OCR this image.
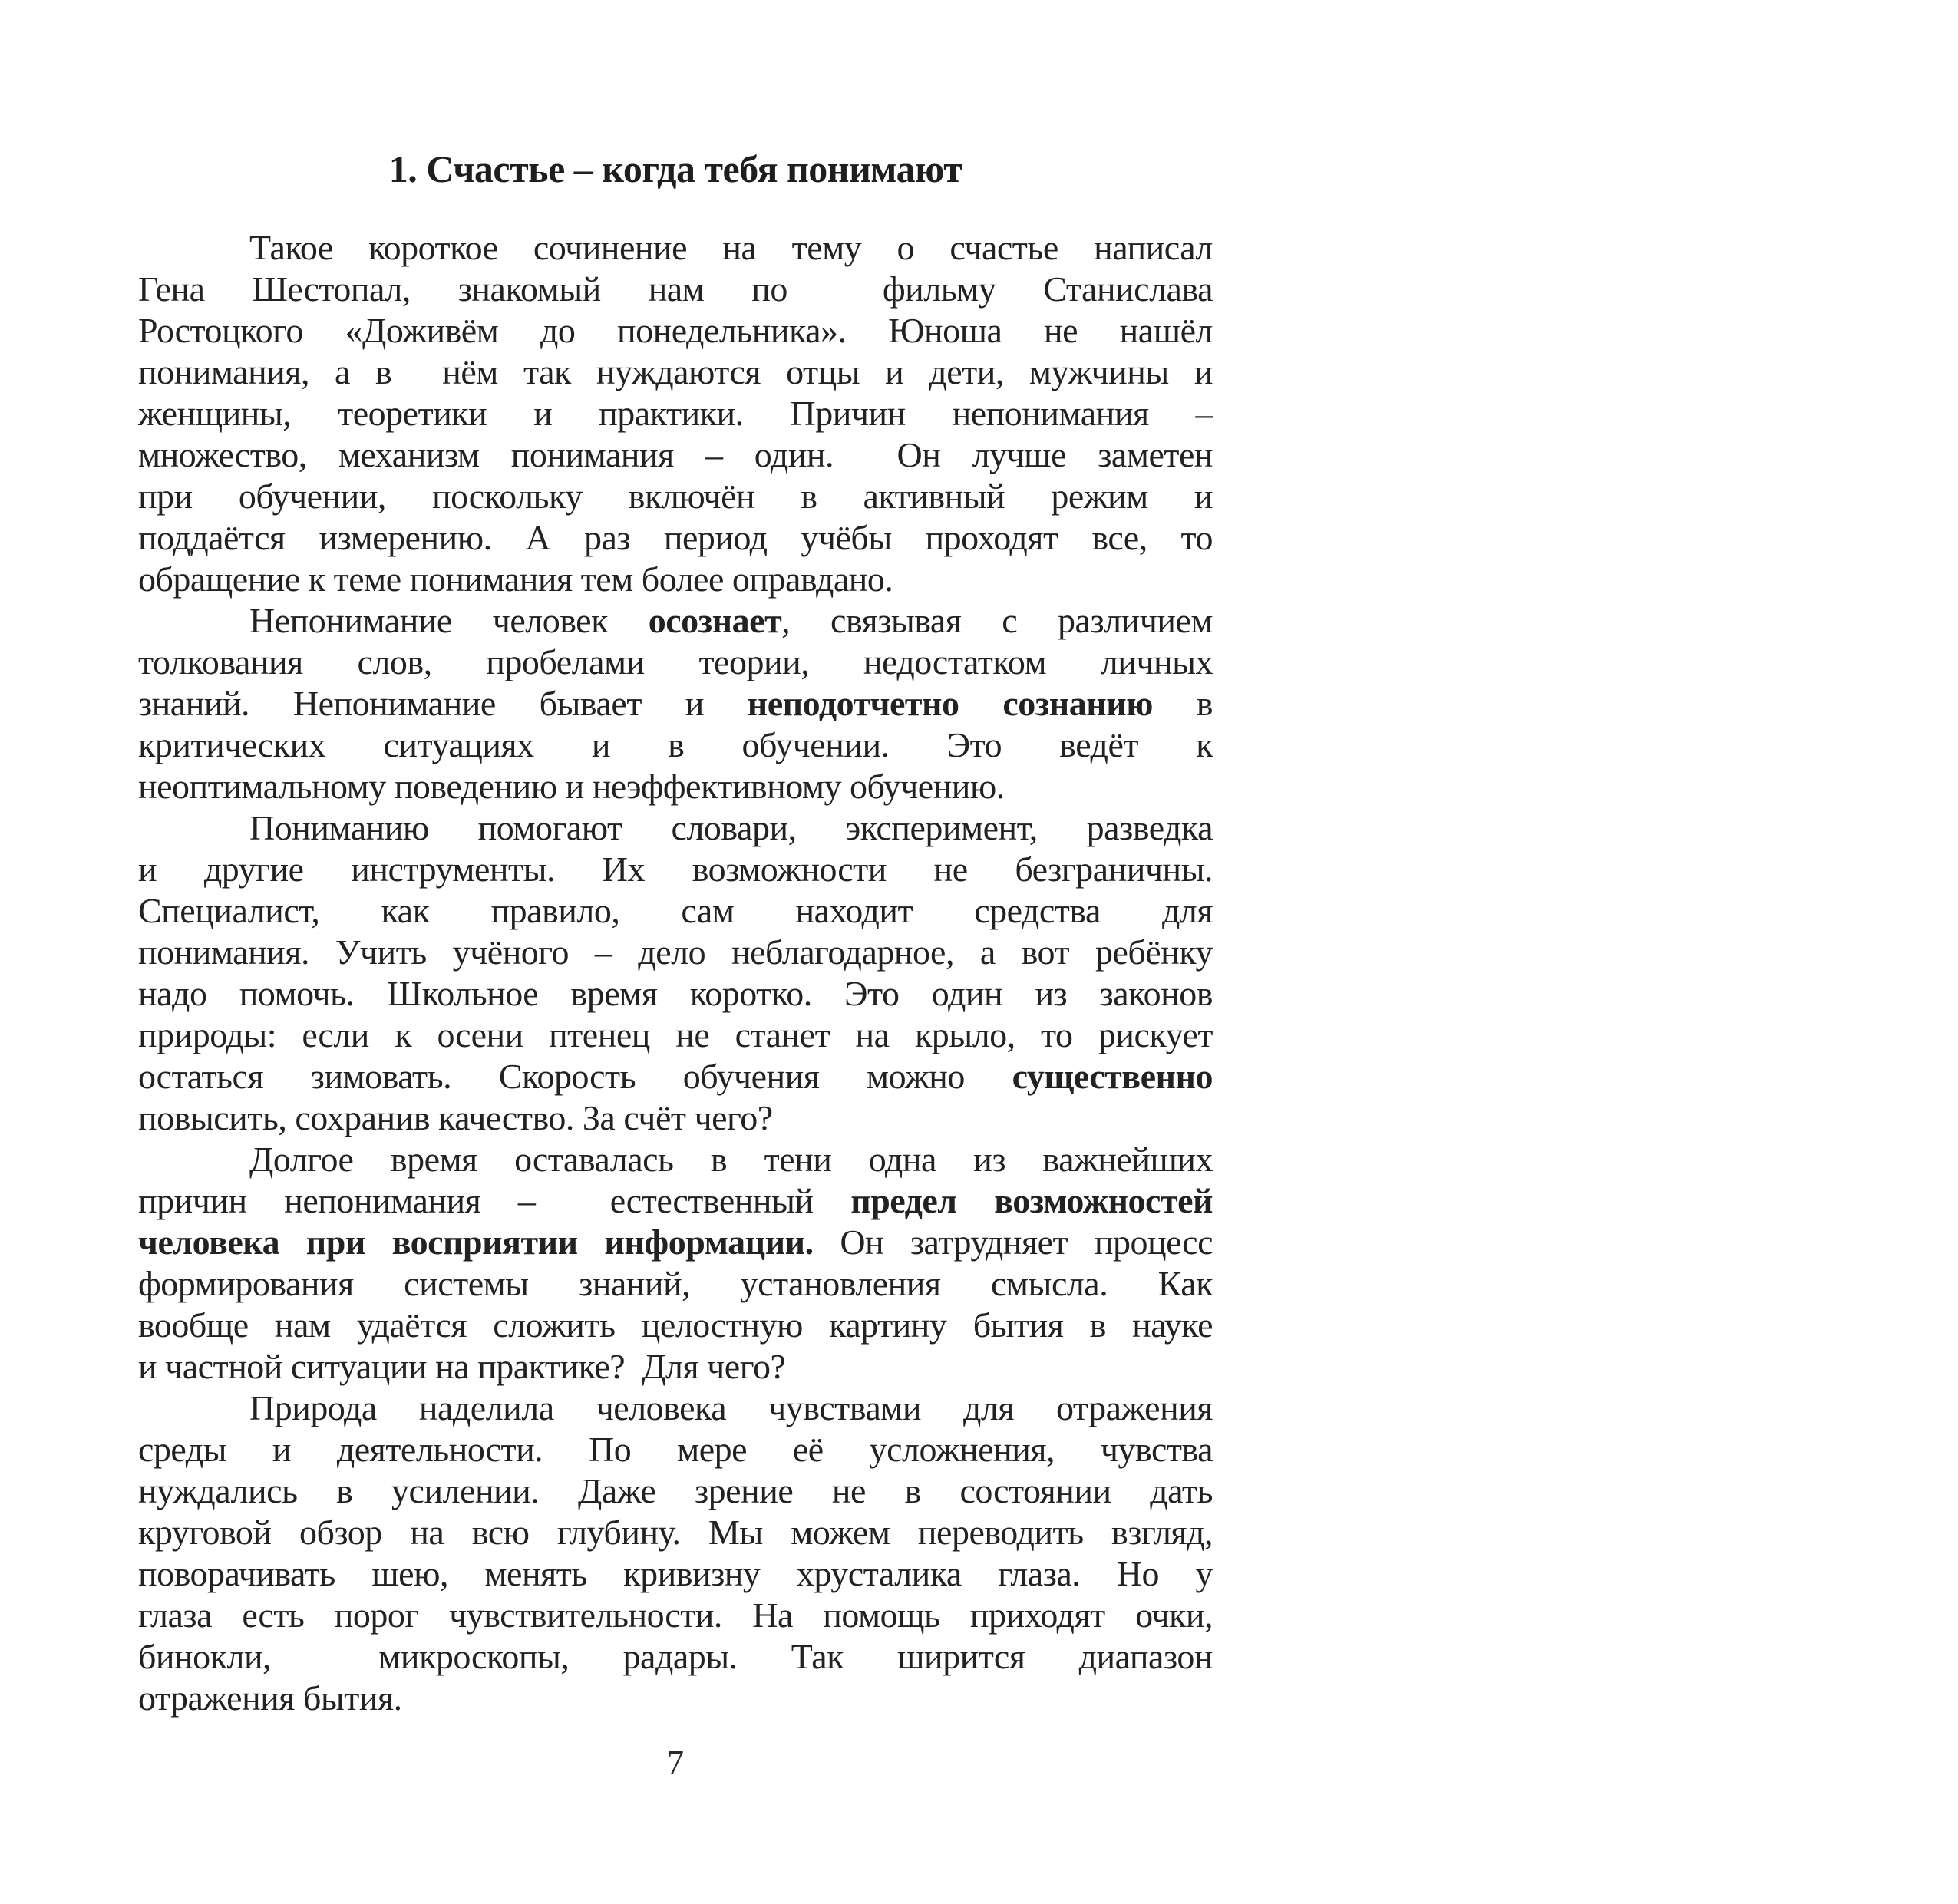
1. Счастье – когда тебя понимают
Такое короткое сочинение на тему о счастье написал
Гена Шестопал, знакомый нам по  фильму Станислава
Ростоцкого «Доживём до понедельника». Юноша не нашёл
понимания, а в  нём так нуждаются отцы и дети, мужчины и
женщины, теоретики и практики. Причин непонимания –
множество, механизм понимания – один.  Он лучше заметен
при обучении, поскольку включён в активный режим и
поддаётся измерению. А раз период учёбы проходят все, то
обращение к теме понимания тем более оправдано.
Непонимание человек осознает, связывая с различием
толкования слов, пробелами теории, недостатком личных
знаний. Непонимание бывает и неподотчетно сознанию в
критических ситуациях и в обучении. Это ведёт к
неоптимальному поведению и неэффективному обучению.
Пониманию помогают словари, эксперимент, разведка
и другие инструменты. Их возможности не безграничны.
Специалист, как правило, сам находит средства для
понимания. Учить учёного – дело неблагодарное, а вот ребёнку
надо помочь. Школьное время коротко. Это один из законов
природы: если к осени птенец не станет на крыло, то рискует
остаться зимовать. Скорость обучения можно существенно
повысить, сохранив качество. За счёт чего?
Долгое время оставалась в тени одна из важнейших
причин непонимания –  естественный предел возможностей
человека при восприятии информации. Он затрудняет процесс
формирования системы знаний, установления смысла. Как
вообще нам удаётся сложить целостную картину бытия в науке
и частной ситуации на практике?  Для чего?
Природа наделила человека чувствами для отражения
среды и деятельности. По мере её усложнения, чувства
нуждались в усилении. Даже зрение не в состоянии дать
круговой обзор на всю глубину. Мы можем переводить взгляд,
поворачивать шею, менять кривизну хрусталика глаза. Но у
глаза есть порог чувствительности. На помощь приходят очки,
бинокли,  микроскопы, радары. Так ширится диапазон
отражения бытия.
7
